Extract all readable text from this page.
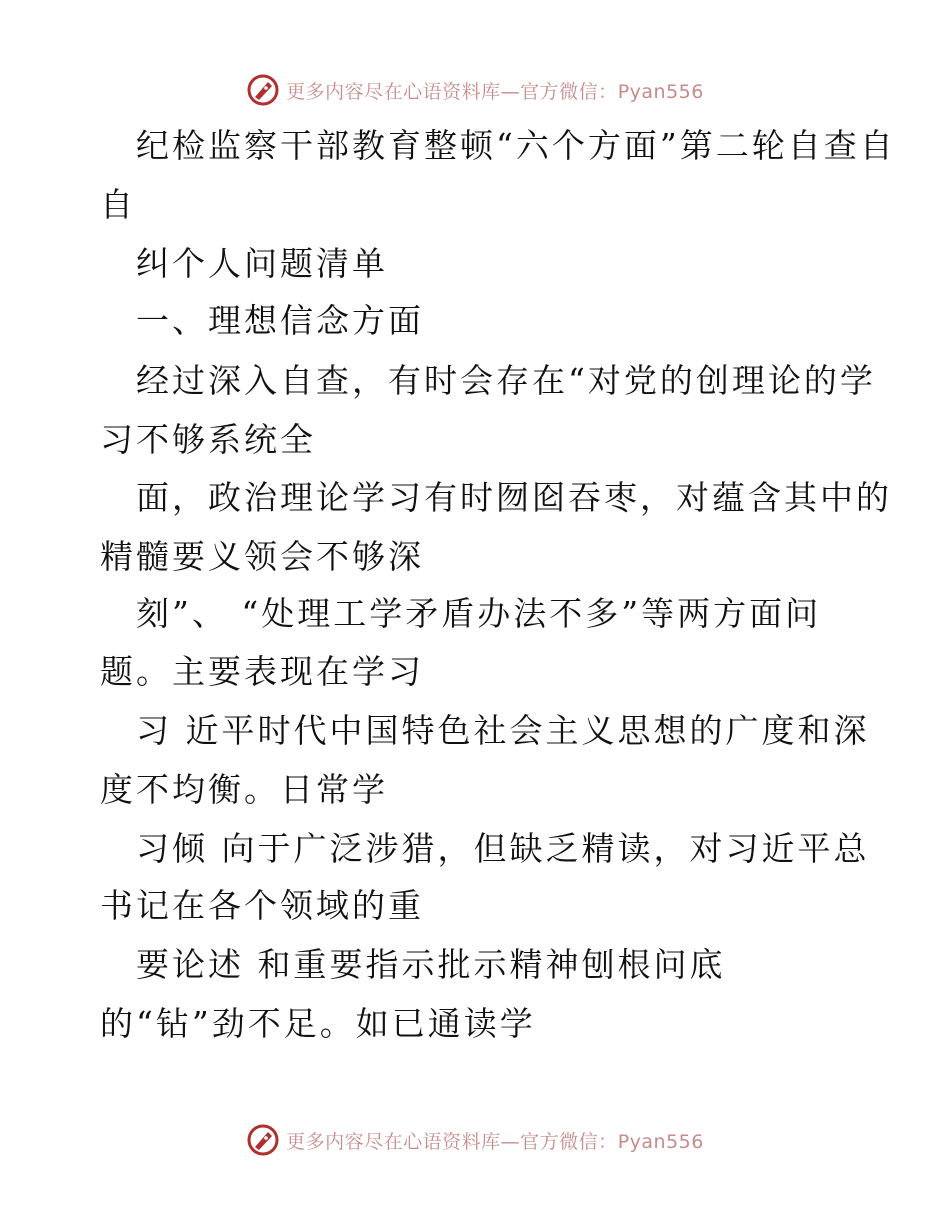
更多内容尽在心语资料库—官方微信：Pyan556
纪检监察干部教育整顿“六个方面”第二轮自查自
自
纠个人问题清单
一、理想信念方面
经过深入自查，有时会存在“对党的创理论的学
习不够系统全
面，政治理论学习有时囫囵吞枣，对蕴含其中的
精髓要义领会不够深
刻”、 “处理工学矛盾办法不多”等两方面问
题。主要表现在学习
习 近平时代中国特色社会主义思想的广度和深
度不均衡。日常学
习倾 向于广泛涉猎，但缺乏精读，对习近平总
书记在各个领域的重
要论述 和重要指示批示精神刨根问底
的“钻”劲不足。如已通读学
更多内容尽在心语资料库—官方微信：Pyan556
